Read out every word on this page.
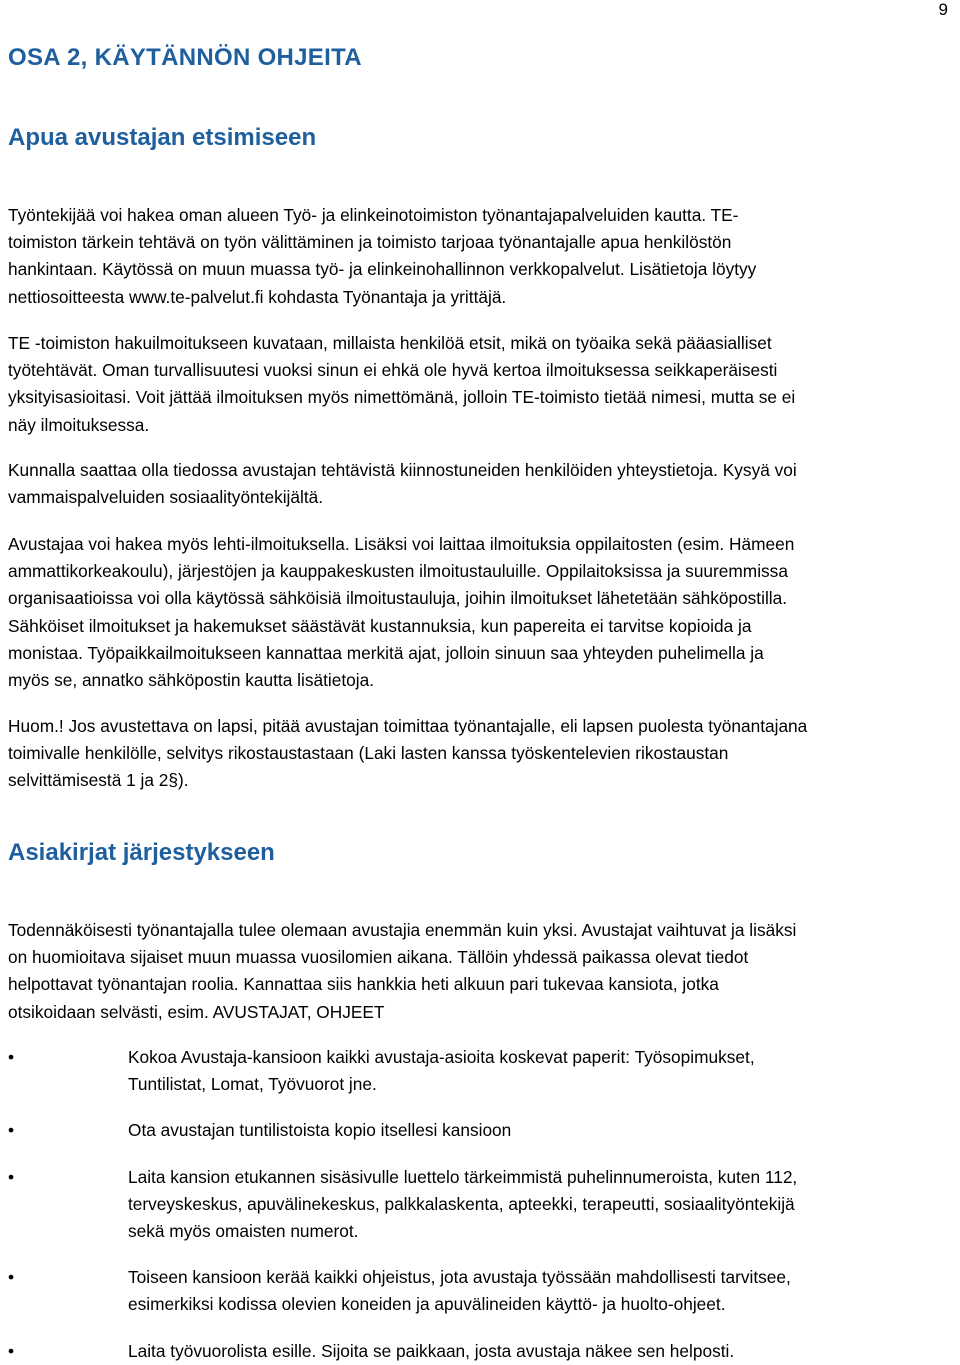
9
OSA 2, KÄYTÄNNÖN OHJEITA
Apua avustajan etsimiseen

Työntekijää voi hakea oman alueen Työ- ja elinkeinotoimiston työnantajapalveluiden kautta. TE-
toimiston tärkein tehtävä on työn välittäminen ja toimisto tarjoaa työnantajalle apua henkilöstön
hankintaan. Käytössä on muun muassa työ- ja elinkeinohallinnon verkkopalvelut. Lisätietoja löytyy
nettiosoitteesta www.te-palvelut.fi kohdasta Työnantaja ja yrittäjä.

TE -toimiston hakuilmoitukseen kuvataan, millaista henkilöä etsit, mikä on työaika sekä pääasialliset
työtehtävät. Oman turvallisuutesi vuoksi sinun ei ehkä ole hyvä kertoa ilmoituksessa seikkaperäisesti
yksityisasioitasi. Voit jättää ilmoituksen myös nimettömänä, jolloin TE-toimisto tietää nimesi, mutta se ei
näy ilmoituksessa.

Kunnalla saattaa olla tiedossa avustajan tehtävistä kiinnostuneiden henkilöiden yhteystietoja. Kysyä voi
vammaispalveluiden sosiaalityöntekijältä.

Avustajaa voi hakea myös lehti-ilmoituksella. Lisäksi voi laittaa ilmoituksia oppilaitosten (esim. Hämeen
ammattikorkeakoulu), järjestöjen ja kauppakeskusten ilmoitustauluille. Oppilaitoksissa ja suuremmissa
organisaatioissa voi olla käytössä sähköisiä ilmoitustauluja, joihin ilmoitukset lähetetään sähköpostilla.
Sähköiset ilmoitukset ja hakemukset säästävät kustannuksia, kun papereita ei tarvitse kopioida ja
monistaa. Työpaikkailmoitukseen kannattaa merkitä ajat, jolloin sinuun saa yhteyden puhelimella ja
myös se, annatko sähköpostin kautta lisätietoja.

Huom.! Jos avustettava on lapsi, pitää avustajan toimittaa työnantajalle, eli lapsen puolesta työnantajana
toimivalle henkilölle, selvitys rikostaustastaan (Laki lasten kanssa työskentelevien rikostaustan
selvittämisestä 1 ja 2§).

Asiakirjat järjestykseen

Todennäköisesti työnantajalla tulee olemaan avustajia enemmän kuin yksi. Avustajat vaihtuvat ja lisäksi
on huomioitava sijaiset muun muassa vuosilomien aikana. Tällöin yhdessä paikassa olevat tiedot
helpottavat työnantajan roolia. Kannattaa siis hankkia heti alkuun pari tukevaa kansiota, jotka
otsikoidaan selvästi, esim. AVUSTAJAT, OHJEET

•	Kokoa Avustaja-kansioon kaikki avustaja-asioita koskevat paperit: Työsopimukset,
Tuntilistat, Lomat, Työvuorot jne.
•	Ota avustajan tuntilistoista kopio itsellesi kansioon
•	Laita kansion etukannen sisäsivulle luettelo tärkeimmistä puhelinnumeroista, kuten 112,
terveyskeskus, apuvälinekeskus, palkkalaskenta, apteekki, terapeutti, sosiaalityöntekijä
sekä myös omaisten numerot.
•	Toiseen kansioon kerää kaikki ohjeistus, jota avustaja työssään mahdollisesti tarvitsee,
esimerkiksi kodissa olevien koneiden ja apuvälineiden käyttö- ja huolto-ohjeet.
•	Laita työvuorolista esille. Sijoita se paikkaan, josta avustaja näkee sen helposti.
